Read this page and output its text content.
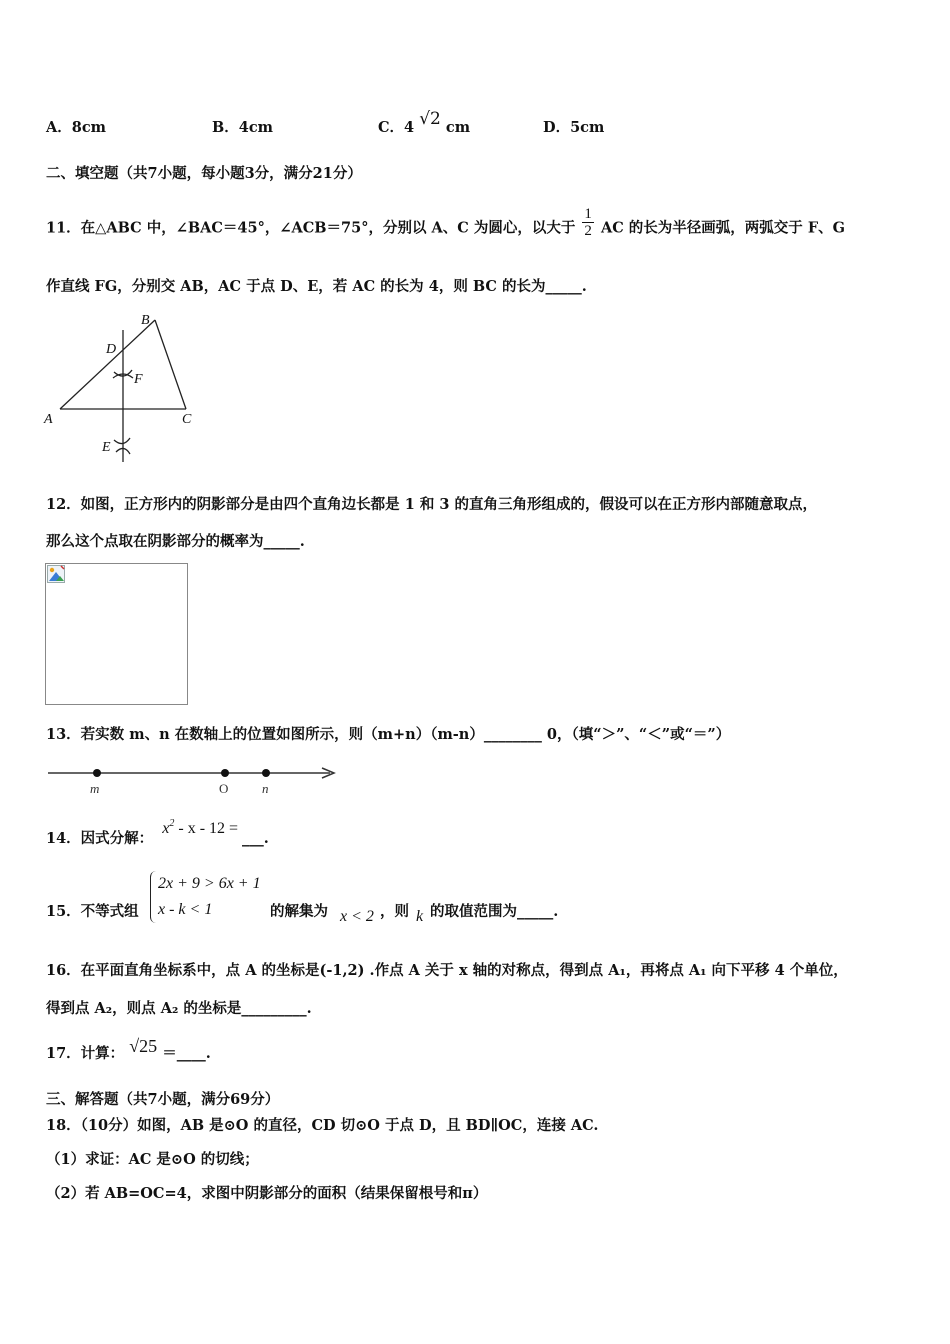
A．8cm	B．4cm	C．4 √2 cm	D．5cm
二、填空题（共7小题，每小题3分，满分21分）
11．在△ABC 中，∠BAC＝45°，∠ACB＝75°，分别以 A、C 为圆心，以大于 $\frac{1}{2}$ AC 的长为半径画弧，两弧交于 F、G
作直线 FG，分别交 AB，AC 于点 D、E，若 AC 的长为 4，则 BC 的长为_____.
B
D
F
A	C
E
12．如图，正方形内的阴影部分是由四个直角边长都是 1 和 3 的直角三角形组成的，假设可以在正方形内部随意取点，
那么这个点取在阴影部分的概率为_____.
13．若实数 m、n 在数轴上的位置如图所示，则（m+n）（m-n）________ 0，（填“＞”、“＜”或“＝”）
m	O	n
14．因式分解： $x^2$ - x - 12 = ___.
15．不等式组
2x + 9 > 6x + 1
x - k < 1	的解集为 x < 2 ，则 k 的取值范围为_____.
16．在平面直角坐标系中，点 A 的坐标是(-1,2) .作点 A 关于 x 轴的对称点，得到点 A₁，再将点 A₁ 向下平移 4 个单位，
得到点 A₂，则点 A₂ 的坐标是_________.
17．计算： √25 ＝____.
三、解答题（共7小题，满分69分）
18．（10分）如图，AB 是⊙O 的直径，CD 切⊙O 于点 D，且 BD∥OC，连接 AC.
（1）求证：AC 是⊙O 的切线；
（2）若 AB=OC=4，求图中阴影部分的面积（结果保留根号和π）
